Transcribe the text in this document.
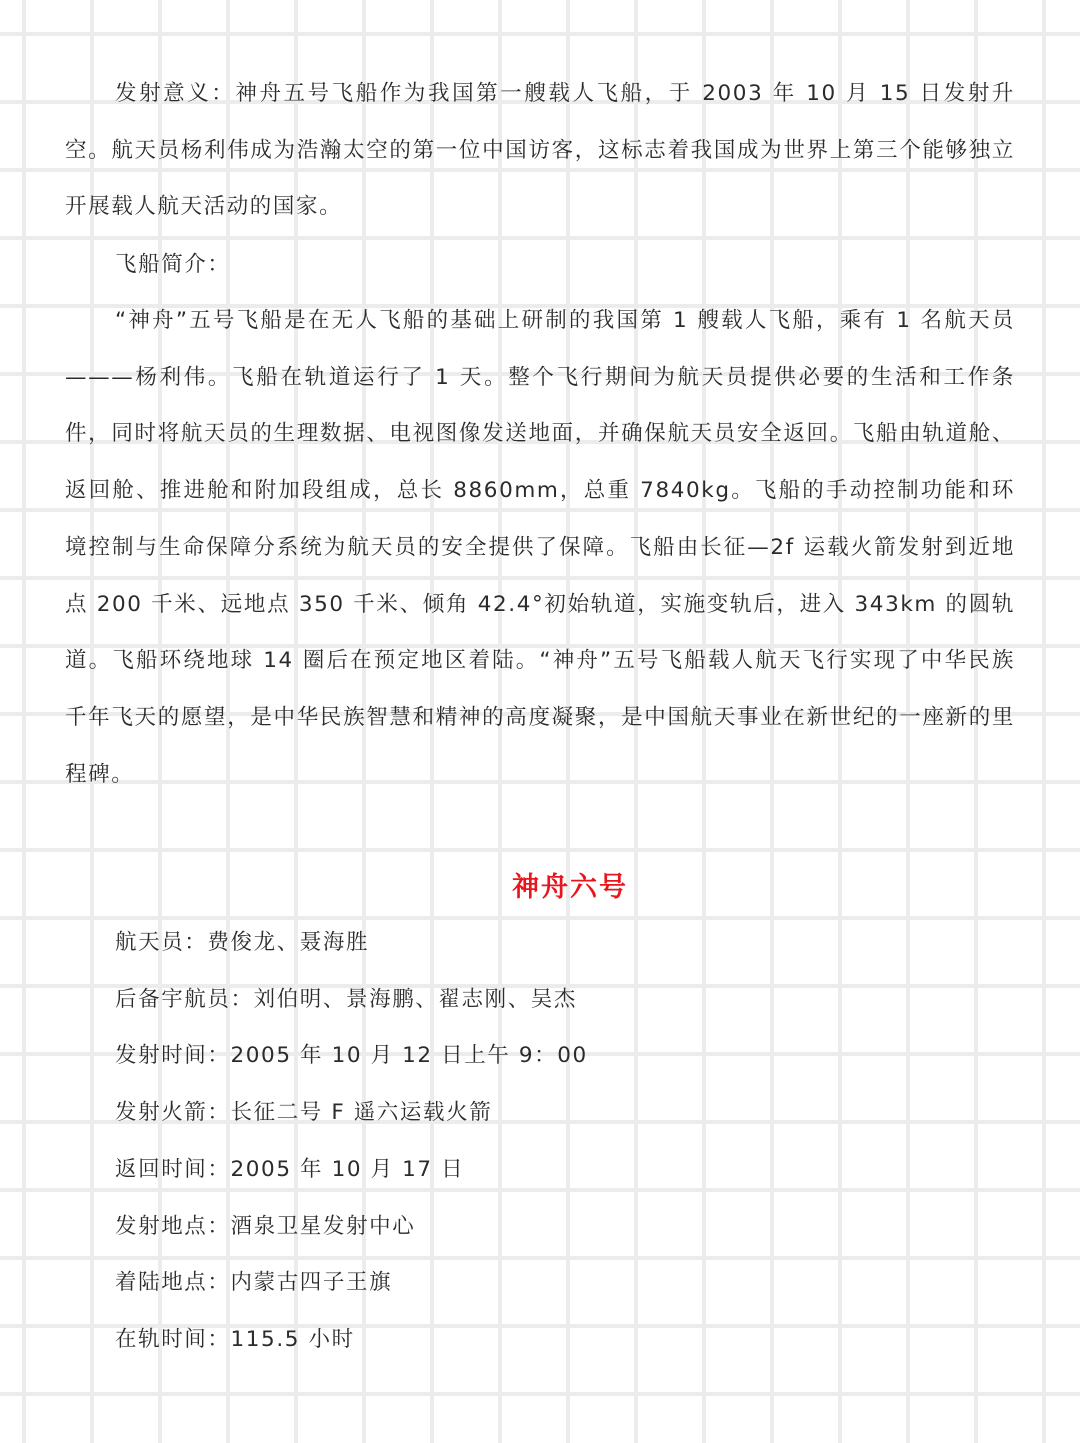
发射意义：神舟五号飞船作为我国第一艘载人飞船，于 2003 年 10 月 15 日发射升空。航天员杨利伟成为浩瀚太空的第一位中国访客，这标志着我国成为世界上第三个能够独立开展载人航天活动的国家。

飞船简介：

“神舟”五号飞船是在无人飞船的基础上研制的我国第 1 艘载人飞船，乘有 1 名航天员———杨利伟。飞船在轨道运行了 1 天。整个飞行期间为航天员提供必要的生活和工作条件，同时将航天员的生理数据、电视图像发送地面，并确保航天员安全返回。飞船由轨道舱、返回舱、推进舱和附加段组成，总长 8860mm，总重 7840kg。飞船的手动控制功能和环境控制与生命保障分系统为航天员的安全提供了保障。飞船由长征—2f 运载火箭发射到近地点 200 千米、远地点 350 千米、倾角 42.4°初始轨道，实施变轨后，进入 343km 的圆轨道。飞船环绕地球 14 圈后在预定地区着陆。“神舟”五号飞船载人航天飞行实现了中华民族千年飞天的愿望，是中华民族智慧和精神的高度凝聚，是中国航天事业在新世纪的一座新的里程碑。

神舟六号
航天员：费俊龙、聂海胜
后备宇航员：刘伯明、景海鹏、翟志刚、吴杰
发射时间：2005 年 10 月 12 日上午 9：00
发射火箭：长征二号 F 遥六运载火箭
返回时间：2005 年 10 月 17 日
发射地点：酒泉卫星发射中心
着陆地点：内蒙古四子王旗
在轨时间：115.5 小时
